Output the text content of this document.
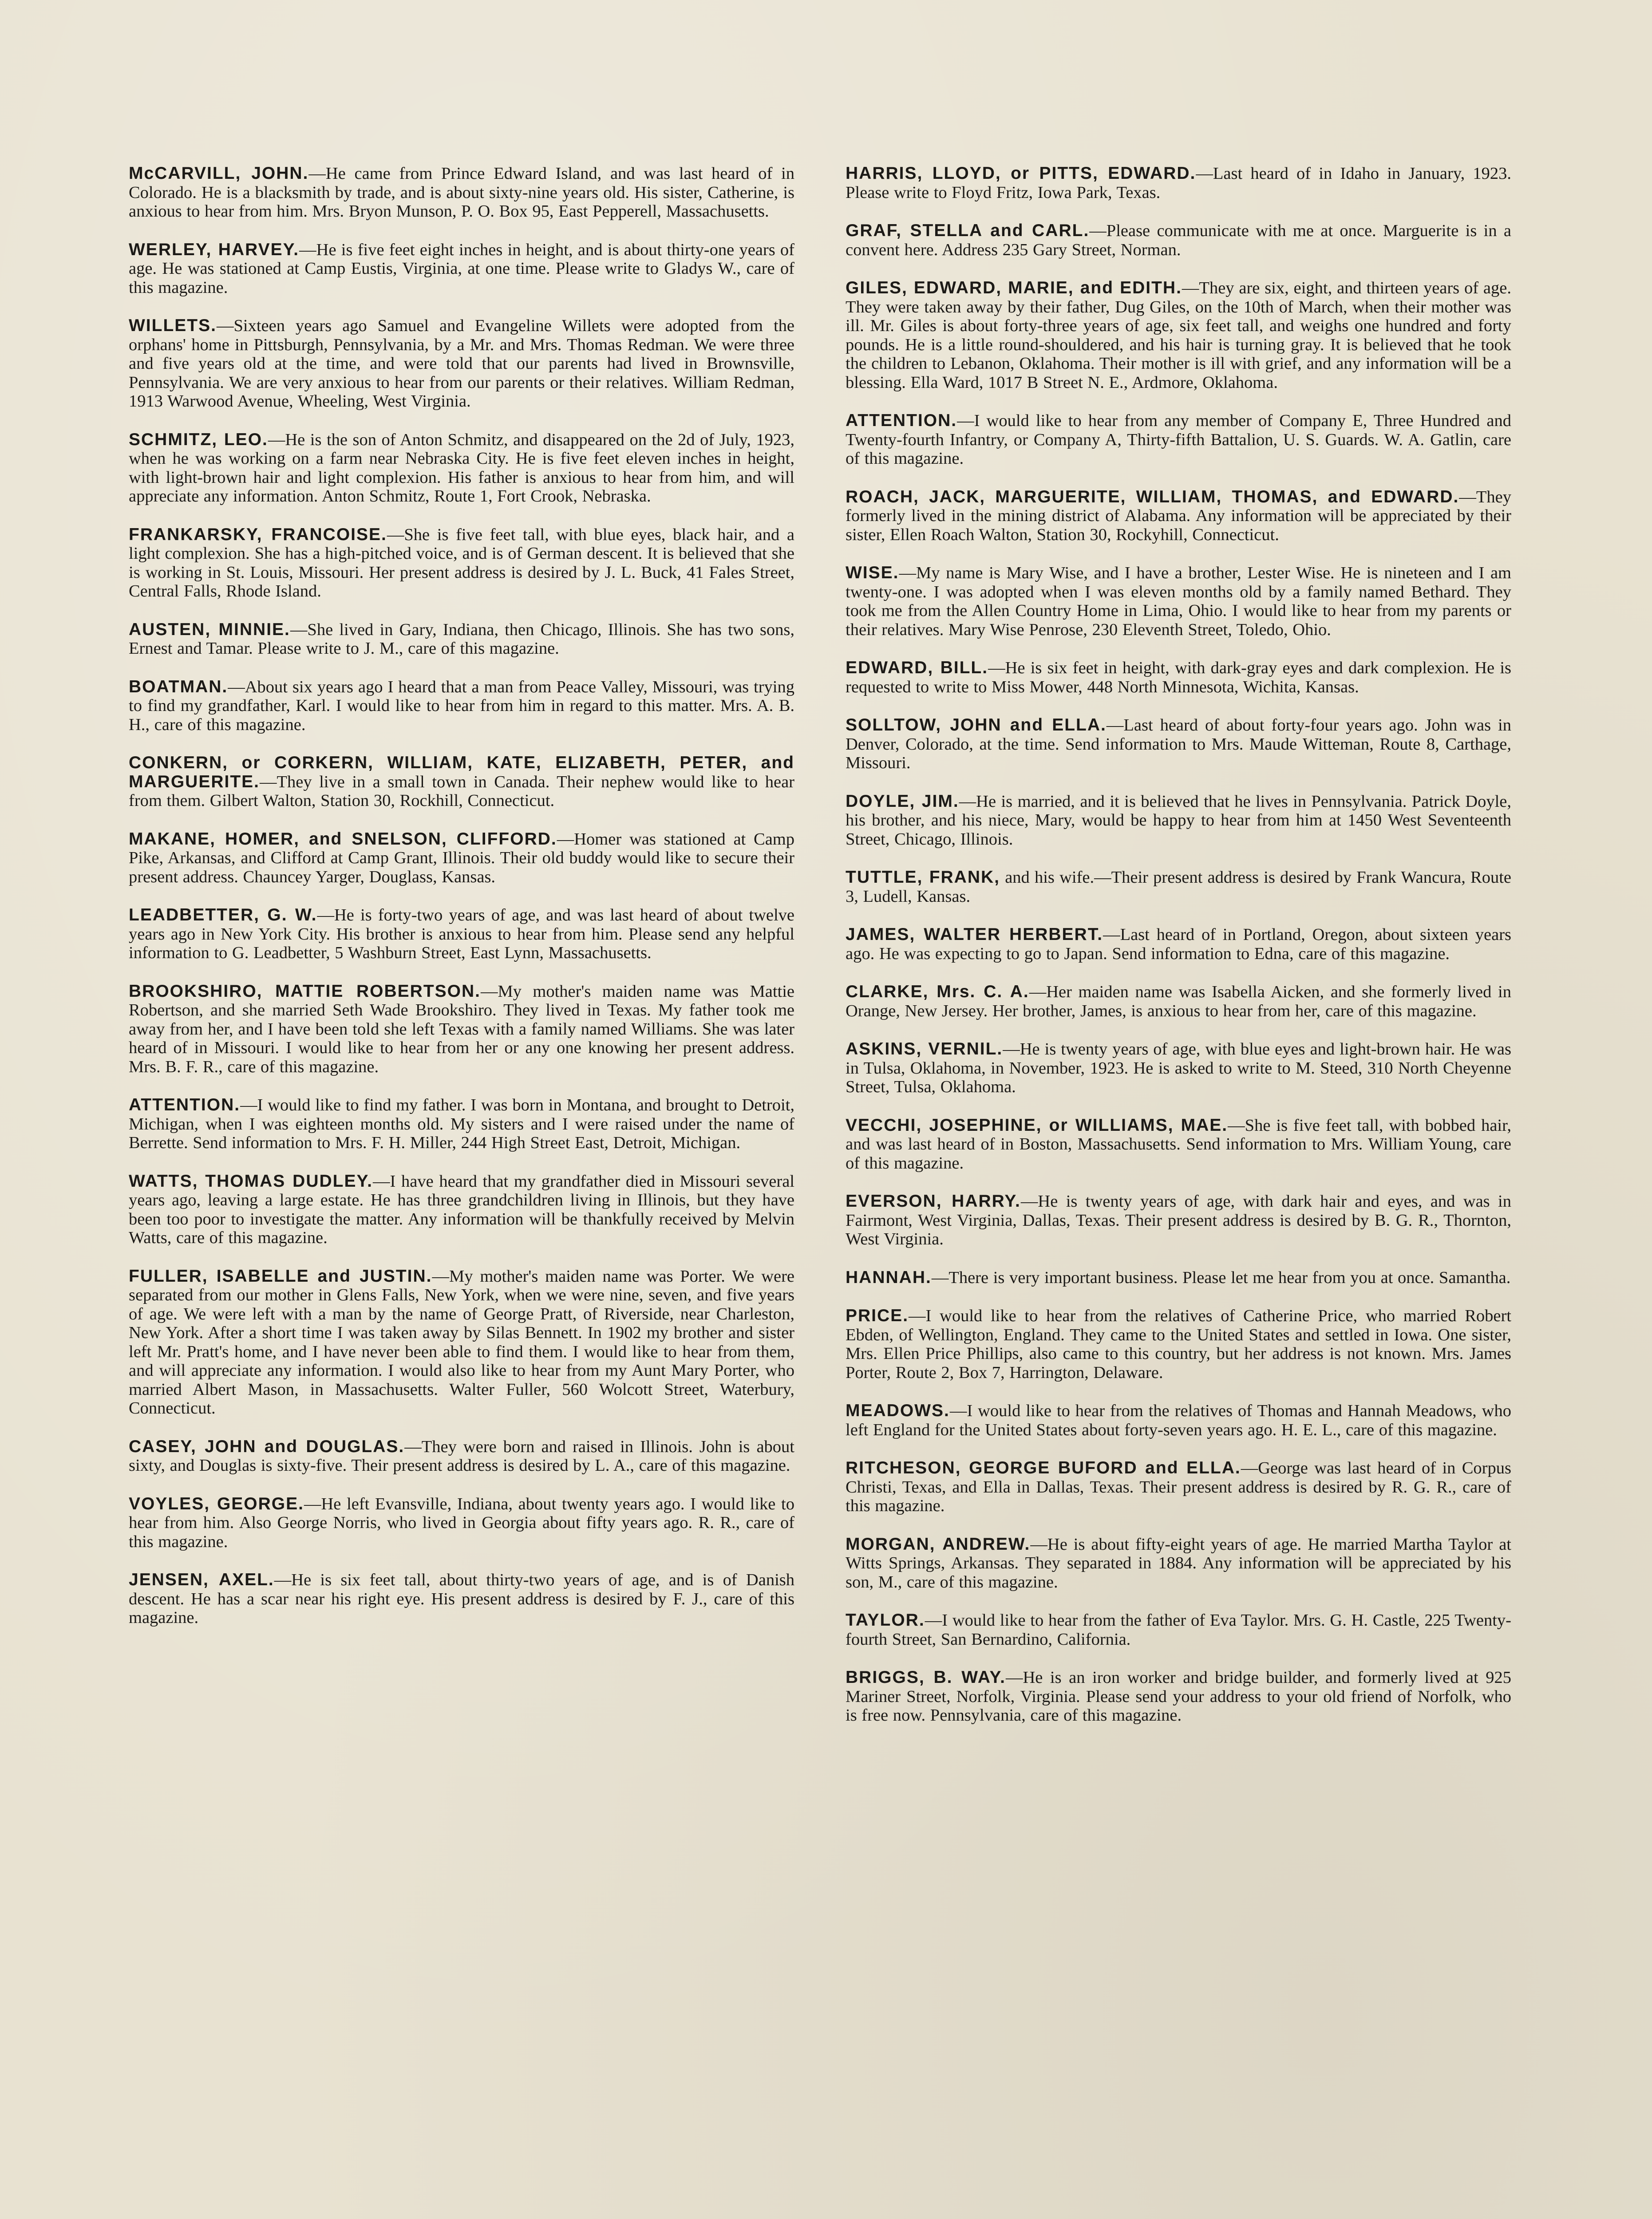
McCARVILL, JOHN.—He came from Prince Edward Island, and was last heard of in Colorado. He is a blacksmith by trade, and is about sixty-nine years old. His sister, Catherine, is anxious to hear from him. Mrs. Bryon Munson, P. O. Box 95, East Pepperell, Massachusetts.

WERLEY, HARVEY.—He is five feet eight inches in height, and is about thirty-one years of age. He was stationed at Camp Eustis, Virginia, at one time. Please write to Gladys W., care of this magazine.

WILLETS.—Sixteen years ago Samuel and Evangeline Willets were adopted from the orphans' home in Pittsburgh, Pennsylvania, by a Mr. and Mrs. Thomas Redman. We were three and five years old at the time, and were told that our parents had lived in Brownsville, Pennsylvania. We are very anxious to hear from our parents or their relatives. William Redman, 1913 Warwood Avenue, Wheeling, West Virginia.

SCHMITZ, LEO.—He is the son of Anton Schmitz, and disappeared on the 2d of July, 1923, when he was working on a farm near Nebraska City. He is five feet eleven inches in height, with light-brown hair and light complexion. His father is anxious to hear from him, and will appreciate any information. Anton Schmitz, Route 1, Fort Crook, Nebraska.

FRANKARSKY, FRANCOISE.—She is five feet tall, with blue eyes, black hair, and a light complexion. She has a high-pitched voice, and is of German descent. It is believed that she is working in St. Louis, Missouri. Her present address is desired by J. L. Buck, 41 Fales Street, Central Falls, Rhode Island.

AUSTEN, MINNIE.—She lived in Gary, Indiana, then Chicago, Illinois. She has two sons, Ernest and Tamar. Please write to J. M., care of this magazine.

BOATMAN.—About six years ago I heard that a man from Peace Valley, Missouri, was trying to find my grandfather, Karl. I would like to hear from him in regard to this matter. Mrs. A. B. H., care of this magazine.

CONKERN, or CORKERN, WILLIAM, KATE, ELIZABETH, PETER, and MARGUERITE.—They live in a small town in Canada. Their nephew would like to hear from them. Gilbert Walton, Station 30, Rockhill, Connecticut.

MAKANE, HOMER, and SNELSON, CLIFFORD.—Homer was stationed at Camp Pike, Arkansas, and Clifford at Camp Grant, Illinois. Their old buddy would like to secure their present address. Chauncey Yarger, Douglass, Kansas.

LEADBETTER, G. W.—He is forty-two years of age, and was last heard of about twelve years ago in New York City. His brother is anxious to hear from him. Please send any helpful information to G. Leadbetter, 5 Washburn Street, East Lynn, Massachusetts.

BROOKSHIRO, MATTIE ROBERTSON.—My mother's maiden name was Mattie Robertson, and she married Seth Wade Brookshiro. They lived in Texas. My father took me away from her, and I have been told she left Texas with a family named Williams. She was later heard of in Missouri. I would like to hear from her or any one knowing her present address. Mrs. B. F. R., care of this magazine.

ATTENTION.—I would like to find my father. I was born in Montana, and brought to Detroit, Michigan, when I was eighteen months old. My sisters and I were raised under the name of Berrette. Send information to Mrs. F. H. Miller, 244 High Street East, Detroit, Michigan.

WATTS, THOMAS DUDLEY.—I have heard that my grandfather died in Missouri several years ago, leaving a large estate. He has three grandchildren living in Illinois, but they have been too poor to investigate the matter. Any information will be thankfully received by Melvin Watts, care of this magazine.

FULLER, ISABELLE and JUSTIN.—My mother's maiden name was Porter. We were separated from our mother in Glens Falls, New York, when we were nine, seven, and five years of age. We were left with a man by the name of George Pratt, of Riverside, near Charleston, New York. After a short time I was taken away by Silas Bennett. In 1902 my brother and sister left Mr. Pratt's home, and I have never been able to find them. I would like to hear from them, and will appreciate any information. I would also like to hear from my Aunt Mary Porter, who married Albert Mason, in Massachusetts. Walter Fuller, 560 Wolcott Street, Waterbury, Connecticut.

CASEY, JOHN and DOUGLAS.—They were born and raised in Illinois. John is about sixty, and Douglas is sixty-five. Their present address is desired by L. A., care of this magazine.

VOYLES, GEORGE.—He left Evansville, Indiana, about twenty years ago. I would like to hear from him. Also George Norris, who lived in Georgia about fifty years ago. R. R., care of this magazine.

JENSEN, AXEL.—He is six feet tall, about thirty-two years of age, and is of Danish descent. He has a scar near his right eye. His present address is desired by F. J., care of this magazine.

HARRIS, LLOYD, or PITTS, EDWARD.—Last heard of in Idaho in January, 1923. Please write to Floyd Fritz, Iowa Park, Texas.

GRAF, STELLA and CARL.—Please communicate with me at once. Marguerite is in a convent here. Address 235 Gary Street, Norman.

GILES, EDWARD, MARIE, and EDITH.—They are six, eight, and thirteen years of age. They were taken away by their father, Dug Giles, on the 10th of March, when their mother was ill. Mr. Giles is about forty-three years of age, six feet tall, and weighs one hundred and forty pounds. He is a little round-shouldered, and his hair is turning gray. It is believed that he took the children to Lebanon, Oklahoma. Their mother is ill with grief, and any information will be a blessing. Ella Ward, 1017 B Street N. E., Ardmore, Oklahoma.

ATTENTION.—I would like to hear from any member of Company E, Three Hundred and Twenty-fourth Infantry, or Company A, Thirty-fifth Battalion, U. S. Guards. W. A. Gatlin, care of this magazine.

ROACH, JACK, MARGUERITE, WILLIAM, THOMAS, and EDWARD.—They formerly lived in the mining district of Alabama. Any information will be appreciated by their sister, Ellen Roach Walton, Station 30, Rockyhill, Connecticut.

WISE.—My name is Mary Wise, and I have a brother, Lester Wise. He is nineteen and I am twenty-one. I was adopted when I was eleven months old by a family named Bethard. They took me from the Allen Country Home in Lima, Ohio. I would like to hear from my parents or their relatives. Mary Wise Penrose, 230 Eleventh Street, Toledo, Ohio.

EDWARD, BILL.—He is six feet in height, with dark-gray eyes and dark complexion. He is requested to write to Miss Mower, 448 North Minnesota, Wichita, Kansas.

SOLLTOW, JOHN and ELLA.—Last heard of about forty-four years ago. John was in Denver, Colorado, at the time. Send information to Mrs. Maude Witteman, Route 8, Carthage, Missouri.

DOYLE, JIM.—He is married, and it is believed that he lives in Pennsylvania. Patrick Doyle, his brother, and his niece, Mary, would be happy to hear from him at 1450 West Seventeenth Street, Chicago, Illinois.

TUTTLE, FRANK, and his wife.—Their present address is desired by Frank Wancura, Route 3, Ludell, Kansas.

JAMES, WALTER HERBERT.—Last heard of in Portland, Oregon, about sixteen years ago. He was expecting to go to Japan. Send information to Edna, care of this magazine.

CLARKE, Mrs. C. A.—Her maiden name was Isabella Aicken, and she formerly lived in Orange, New Jersey. Her brother, James, is anxious to hear from her, care of this magazine.

ASKINS, VERNIL.—He is twenty years of age, with blue eyes and light-brown hair. He was in Tulsa, Oklahoma, in November, 1923. He is asked to write to M. Steed, 310 North Cheyenne Street, Tulsa, Oklahoma.

VECCHI, JOSEPHINE, or WILLIAMS, MAE.—She is five feet tall, with bobbed hair, and was last heard of in Boston, Massachusetts. Send information to Mrs. William Young, care of this magazine.

EVERSON, HARRY.—He is twenty years of age, with dark hair and eyes, and was in Fairmont, West Virginia, Dallas, Texas. Their present address is desired by B. G. R., Thornton, West Virginia.

HANNAH.—There is very important business. Please let me hear from you at once. Samantha.

PRICE.—I would like to hear from the relatives of Catherine Price, who married Robert Ebden, of Wellington, England. They came to the United States and settled in Iowa. One sister, Mrs. Ellen Price Phillips, also came to this country, but her address is not known. Mrs. James Porter, Route 2, Box 7, Harrington, Delaware.

MEADOWS.—I would like to hear from the relatives of Thomas and Hannah Meadows, who left England for the United States about forty-seven years ago. H. E. L., care of this magazine.

RITCHESON, GEORGE BUFORD and ELLA.—George was last heard of in Corpus Christi, Texas, and Ella in Dallas, Texas. Their present address is desired by R. G. R., care of this magazine.

MORGAN, ANDREW.—He is about fifty-eight years of age. He married Martha Taylor at Witts Springs, Arkansas. They separated in 1884. Any information will be appreciated by his son, M., care of this magazine.

TAYLOR.—I would like to hear from the father of Eva Taylor. Mrs. G. H. Castle, 225 Twenty-fourth Street, San Bernardino, California.

BRIGGS, B. WAY.—He is an iron worker and bridge builder, and formerly lived at 925 Mariner Street, Norfolk, Virginia. Please send your address to your old friend of Norfolk, who is free now. Pennsylvania, care of this magazine.
